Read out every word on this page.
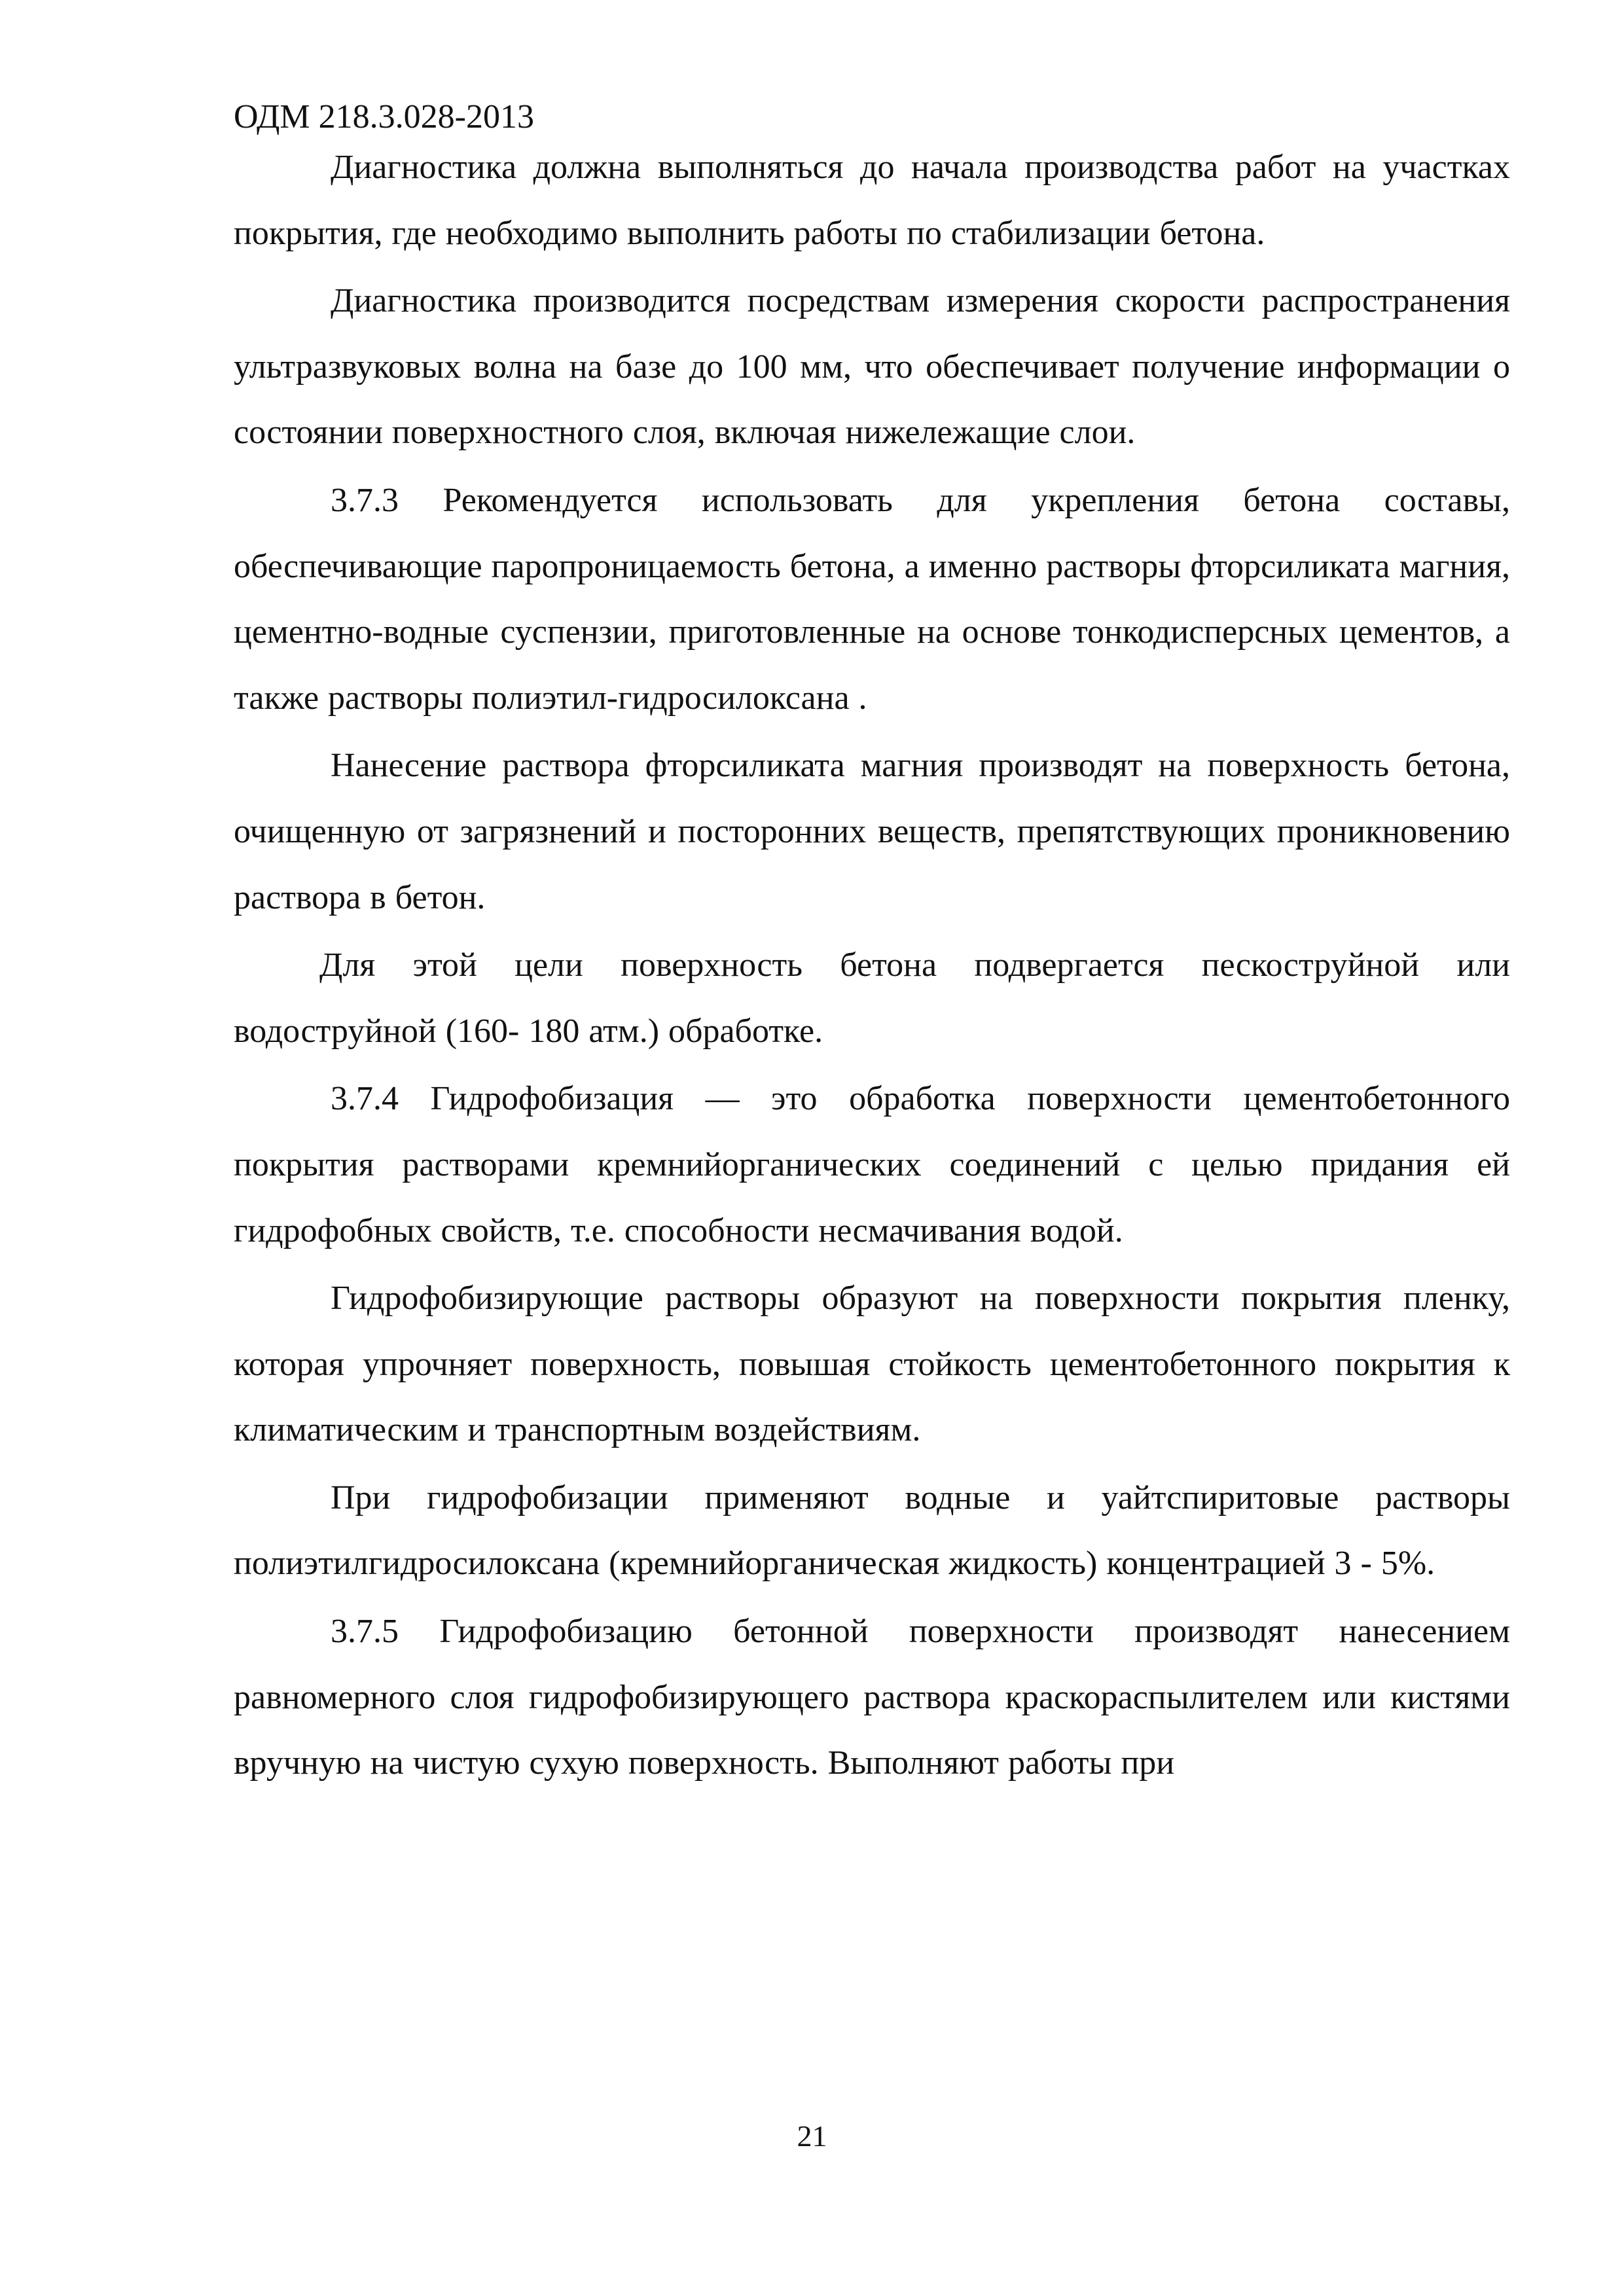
ОДМ 218.3.028-2013

Диагностика должна выполняться до начала производства работ на участках покрытия, где необходимо выполнить работы по стабилизации бетона.

Диагностика производится посредствам измерения скорости распространения ультразвуковых волна на базе до 100 мм, что обеспечивает получение информации о состоянии поверхностного слоя, включая нижележащие слои.

3.7.3 Рекомендуется использовать для укрепления бетона составы, обеспечивающие паропроницаемость бетона, а именно растворы фторсиликата магния, цементно-водные суспензии, приготовленные на основе тонкодисперсных цементов, а также растворы полиэтил-гидросилоксана .

Нанесение раствора фторсиликата магния производят на поверхность бетона, очищенную от загрязнений и посторонних веществ, препятствующих проникновению раствора в бетон.

Для этой цели поверхность бетона подвергается пескоструйной или водоструйной (160- 180 атм.) обработке.

3.7.4 Гидрофобизация — это обработка поверхности цементобетонного покрытия растворами кремнийорганических соединений с целью придания ей гидрофобных свойств, т.е. способности несмачивания водой.

Гидрофобизирующие растворы образуют на поверхности покрытия пленку, которая упрочняет поверхность, повышая стойкость цементобетонного покрытия к климатическим и транспортным воздействиям.

При гидрофобизации применяют водные и уайтспиритовые растворы полиэтилгидросилоксана (кремнийорганическая жидкость) концентрацией 3 - 5%.

3.7.5 Гидрофобизацию бетонной поверхности производят нанесением равномерного слоя гидрофобизирующего раствора краскораспылителем или кистями вручную на чистую сухую поверхность. Выполняют работы при

21
